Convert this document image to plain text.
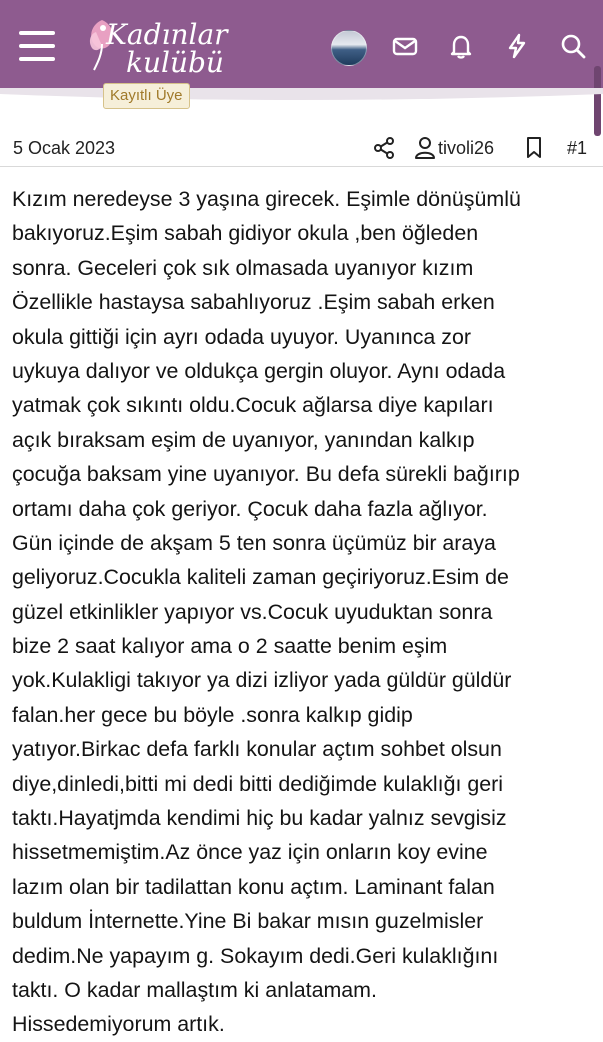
Kadınlar
kulübü
Kayıtlı Üye
5 Ocak 2023	tivoli26	#1
Kızım neredeyse 3 yaşına girecek. Eşimle dönüşümlü
bakıyoruz.Eşim sabah gidiyor okula ,ben öğleden
sonra. Geceleri çok sık olmasada uyanıyor kızım
Özellikle hastaysa sabahlıyoruz .Eşim sabah erken
okula gittiği için ayrı odada uyuyor. Uyanınca zor
uykuya dalıyor ve oldukça gergin oluyor. Aynı odada
yatmak çok sıkıntı oldu.Cocuk ağlarsa diye kapıları
açık bıraksam eşim de uyanıyor, yanından kalkıp
çocuğa baksam yine uyanıyor. Bu defa sürekli bağırıp
ortamı daha çok geriyor. Çocuk daha fazla ağlıyor.
Gün içinde de akşam 5 ten sonra üçümüz bir araya
geliyoruz.Cocukla kaliteli zaman geçiriyoruz.Esim de
güzel etkinlikler yapıyor vs.Cocuk uyuduktan sonra
bize 2 saat kalıyor ama o 2 saatte benim eşim
yok.Kulakligi takıyor ya dizi izliyor yada güldür güldür
falan.her gece bu böyle .sonra kalkıp gidip
yatıyor.Birkac defa farklı konular açtım sohbet olsun
diye,dinledi,bitti mi dedi bitti dediğimde kulaklığı geri
taktı.Hayatjmda kendimi hiç bu kadar yalnız sevgisiz
hissetmemiştim.Az önce yaz için onların koy evine
lazım olan bir tadilattan konu açtım. Laminant falan
buldum İnternette.Yine Bi bakar mısın guzelmisler
dedim.Ne yapayım g. Sokayım dedi.Geri kulaklığını
taktı. O kadar mallaştım ki anlatamam.
Hissedemiyorum artık.
